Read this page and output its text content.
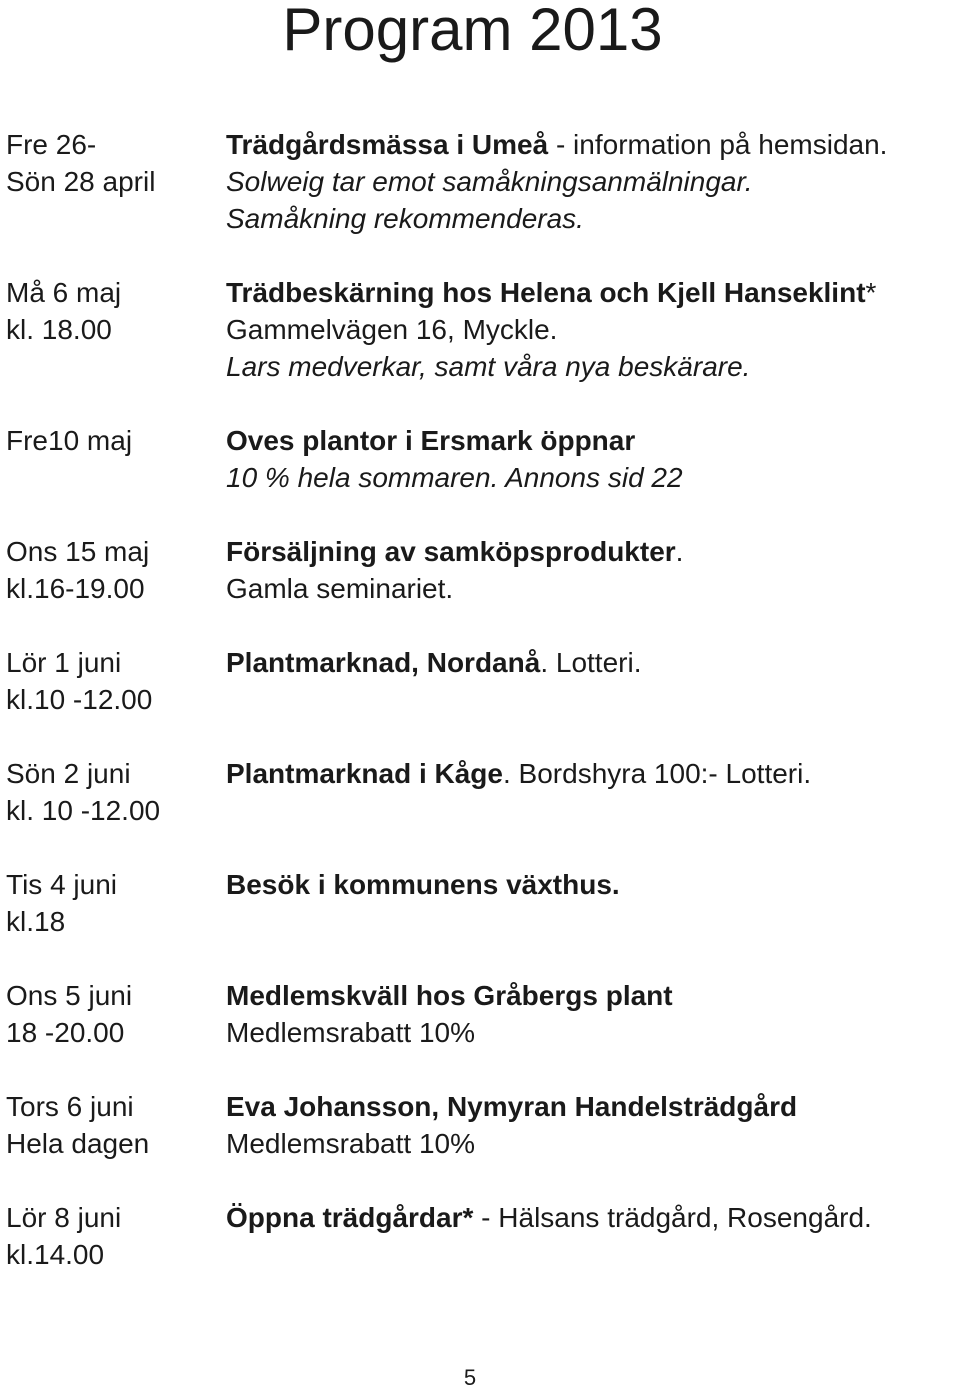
Program 2013
Fre 26-
Sön 28 april
Trädgårdsmässa i Umeå - information på hemsidan.
Solweig tar emot samåkningsanmälningar.
Samåkning rekommenderas.
Må 6 maj
kl. 18.00
Trädbeskärning hos Helena och Kjell Hanseklint*
Gammelvägen 16, Myckle.
Lars medverkar, samt våra nya beskärare.
Fre10 maj	Oves plantor i Ersmark öppnar
10 % hela sommaren. Annons sid 22
Ons 15 maj
kl.16-19.00
Försäljning av samköpsprodukter.
Gamla seminariet.
Lör 1 juni
kl.10 -12.00
Plantmarknad, Nordanå. Lotteri.
Sön 2 juni
kl. 10 -12.00
Plantmarknad i Kåge. Bordshyra 100:- Lotteri.
Tis 4 juni
kl.18
Besök i kommunens växthus.
Ons 5 juni
18 -20.00
Medlemskväll hos Gråbergs plant
Medlemsrabatt 10%
Tors 6 juni
Hela dagen
Eva Johansson, Nymyran Handelsträdgård
Medlemsrabatt 10%
Lör 8 juni
kl.14.00
Öppna trädgårdar* - Hälsans trädgård, Rosengård.
5
